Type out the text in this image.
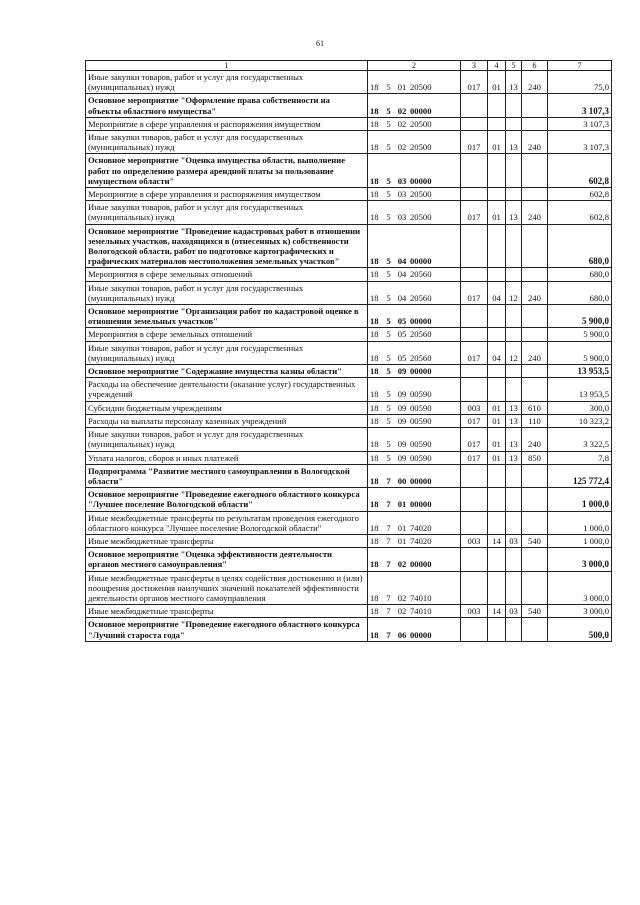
61
1	2	3	4	5	6	7
Иные закупки товаров, работ и услуг для государственных (муниципальных) нужд	18 5 01 20500	017	01	13	240	75,0
Основное мероприятие "Оформление права собственности на объекты областного имущества"	18 5 02 00000					3 107,3
Мероприятие в сфере управления и распоряжения имуществом	18 5 02 20500					3 107,3
Иные закупки товаров, работ и услуг для государственных (муниципальных) нужд	18 5 02 20500	017	01	13	240	3 107,3
Основное мероприятие "Оценка имущества области, выполнение работ по определению размера арендной платы за пользование имуществом области"	18 5 03 00000					602,8
Мероприятие в сфере управления и распоряжения имуществом	18 5 03 20500					602,8
Иные закупки товаров, работ и услуг для государственных (муниципальных) нужд	18 5 03 20500	017	01	13	240	602,8
Основное мероприятие "Проведение кадастровых работ в отношении земельных участков, находящихся в (отнесенных к) собственности Вологодской области, работ по подготовке картографических и графических материалов местоположения земельных участков"	18 5 04 00000					680,0
Мероприятия в сфере земельных отношений	18 5 04 20560					680,0
Иные закупки товаров, работ и услуг для государственных (муниципальных) нужд	18 5 04 20560	017	04	12	240	680,0
Основное мероприятие "Организация работ по кадастровой оценке в отношении земельных участков"	18 5 05 00000					5 900,0
Мероприятия в сфере земельных отношений	18 5 05 20560					5 900,0
Иные закупки товаров, работ и услуг для государственных (муниципальных) нужд	18 5 05 20560	017	04	12	240	5 900,0
Основное мероприятие "Содержание имущества казны области"	18 5 09 00000					13 953,5
Расходы на обеспечение деятельности (оказание услуг) государственных учреждений	18 5 09 00590					13 953,5
Субсидии бюджетным учреждениям	18 5 09 00590	003	01	13	610	300,0
Расходы на выплаты персоналу казенных учреждений	18 5 09 00590	017	01	13	110	10 323,2
Иные закупки товаров, работ и услуг для государственных (муниципальных) нужд	18 5 09 00590	017	01	13	240	3 322,5
Уплата налогов, сборов и иных платежей	18 5 09 00590	017	01	13	850	7,8
Подпрограмма "Развитие местного самоуправления в Вологодской области"	18 7 00 00000					125 772,4
Основное мероприятие "Проведение ежегодного областного конкурса "Лучшее поселение Вологодской области"	18 7 01 00000					1 000,0
Иные межбюджетные трансферты по результатам проведения ежегодного областного конкурса "Лучшее поселение Вологодской области"	18 7 01 74020					1 000,0
Иные межбюджетные трансферты	18 7 01 74020	003	14	03	540	1 000,0
Основное мероприятие "Оценка эффективности деятельности органов местного самоуправления"	18 7 02 00000					3 000,0
Иные межбюджетные трансферты в целях содействия достижению и (или) поощрения достижения наилучших значений показателей эффективности деятельности органов местного самоуправления	18 7 02 74010					3 000,0
Иные межбюджетные трансферты	18 7 02 74010	003	14	03	540	3 000,0
Основное мероприятие "Проведение ежегодного областного конкурса "Лучший староста года"	18 7 06 00000					500,0
